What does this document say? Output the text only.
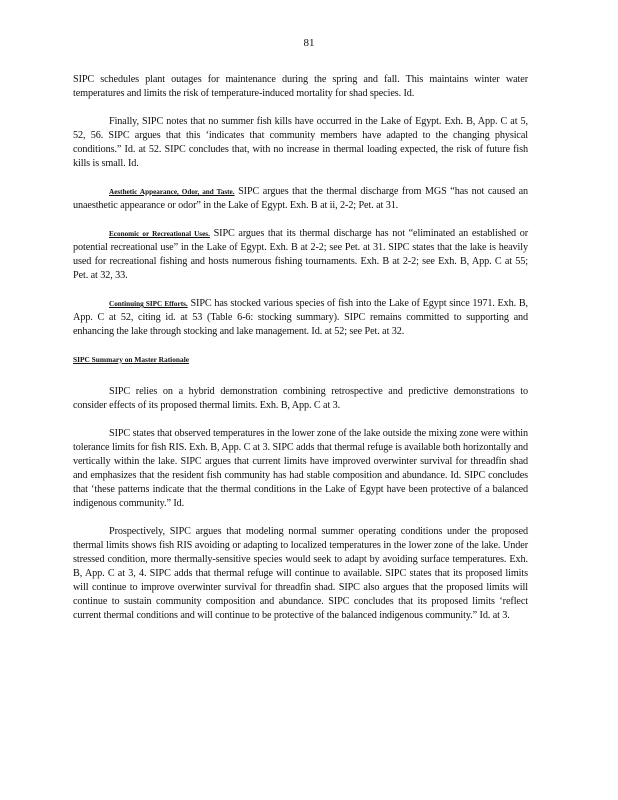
81

SIPC schedules plant outages for maintenance during the spring and fall. This maintains winter water temperatures and limits the risk of temperature-induced mortality for shad species. Id.

Finally, SIPC notes that no summer fish kills have occurred in the Lake of Egypt. Exh. B, App. C at 5, 52, 56. SIPC argues that this ‘indicates that community members have adapted to the changing physical conditions.” Id. at 52. SIPC concludes that, with no increase in thermal loading expected, the risk of future fish kills is small. Id.

Aesthetic Appearance, Odor, and Taste. SIPC argues that the thermal discharge from MGS “has not caused an unaesthetic appearance or odor” in the Lake of Egypt. Exh. B at ii, 2-2; Pet. at 31.

Economic or Recreational Uses. SIPC argues that its thermal discharge has not “eliminated an established or potential recreational use” in the Lake of Egypt. Exh. B at 2-2; see Pet. at 31. SIPC states that the lake is heavily used for recreational fishing and hosts numerous fishing tournaments. Exh. B at 2-2; see Exh. B, App. C at 55; Pet. at 32, 33.

Continuing SIPC Efforts. SIPC has stocked various species of fish into the Lake of Egypt since 1971. Exh. B, App. C at 52, citing id. at 53 (Table 6-6: stocking summary). SIPC remains committed to supporting and enhancing the lake through stocking and lake management. Id. at 52; see Pet. at 32.

SIPC Summary on Master Rationale

SIPC relies on a hybrid demonstration combining retrospective and predictive demonstrations to consider effects of its proposed thermal limits. Exh. B, App. C at 3.

SIPC states that observed temperatures in the lower zone of the lake outside the mixing zone were within tolerance limits for fish RIS. Exh. B, App. C at 3. SIPC adds that thermal refuge is available both horizontally and vertically within the lake. SIPC argues that current limits have improved overwinter survival for threadfin shad and emphasizes that the resident fish community has had stable composition and abundance. Id. SIPC concludes that ‘these patterns indicate that the thermal conditions in the Lake of Egypt have been protective of a balanced indigenous community.” Id.

Prospectively, SIPC argues that modeling normal summer operating conditions under the proposed thermal limits shows fish RIS avoiding or adapting to localized temperatures in the lower zone of the lake. Under stressed condition, more thermally-sensitive species would seek to adapt by avoiding surface temperatures. Exh. B, App. C at 3, 4. SIPC adds that thermal refuge will continue to available. SIPC states that its proposed limits will continue to improve overwinter survival for threadfin shad. SIPC also argues that the proposed limits will continue to sustain community composition and abundance. SIPC concludes that its proposed limits ‘reflect current thermal conditions and will continue to be protective of the balanced indigenous community.” Id. at 3.
